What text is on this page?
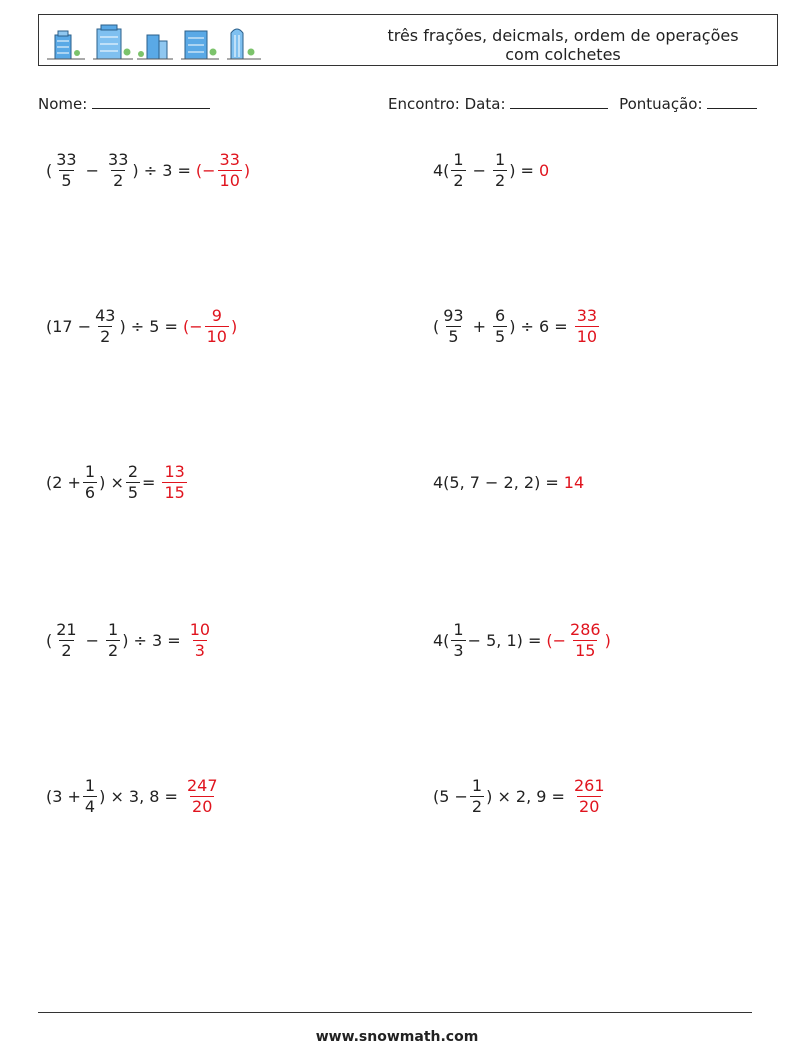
três frações, deicmals, ordem de operações
com colchetes
Nome:	Encontro: Data:	Pontuação:
( $\frac{33}{5} - \frac{33}{2}$ ) ÷ 3 = (− $\frac{33}{10}$ )	$4( \frac{1}{2} - \frac{1}{2}$ ) = 0
($17 - \frac{43}{2}$ ) ÷ 5 = (− $\frac{9}{10}$ )	( $\frac{93}{5} + \frac{6}{5}$ ) ÷ $6 = \frac{33}{10}$
($2 + \frac{1}{6}$ ) × $\frac{2}{5} = \frac{13}{15}$	4(5, 7 − 2, 2) = 14
( $\frac{21}{2} - \frac{1}{2}$ ) ÷ $3 = \frac{10}{3}$	$4( \frac{1}{3} - 5$, 1) = (− $\frac{286}{15}$ )
($3 + \frac{1}{4}$ ) × 3, $8 = \frac{247}{20}$	($5 - \frac{1}{2}$ ) × 2, $9 = \frac{261}{20}$
www.snowmath.com
